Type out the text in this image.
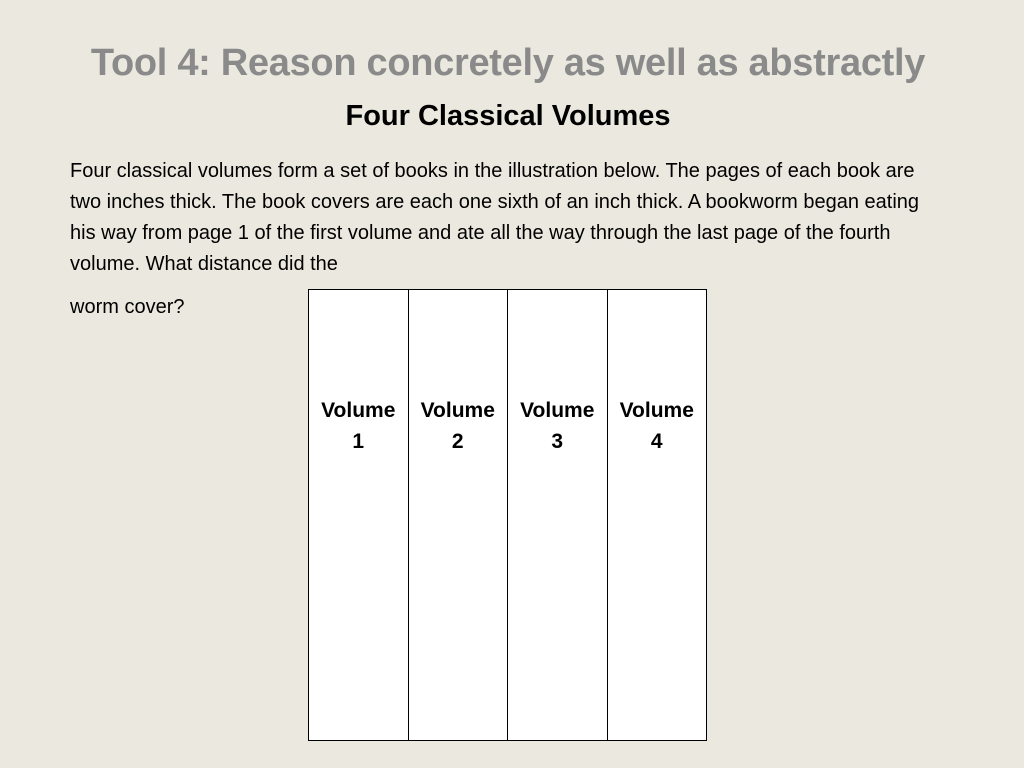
Tool 4: Reason concretely as well as abstractly
Four Classical Volumes
Four classical volumes form a set of books in the illustration below. The pages of each book are two inches thick. The book covers are each one sixth of an inch thick. A bookworm began eating his way from page 1 of the first volume and ate all the way through the last page of the fourth volume. What distance did the
worm cover?
Volume
1
Volume
2
Volume
3
Volume
4
